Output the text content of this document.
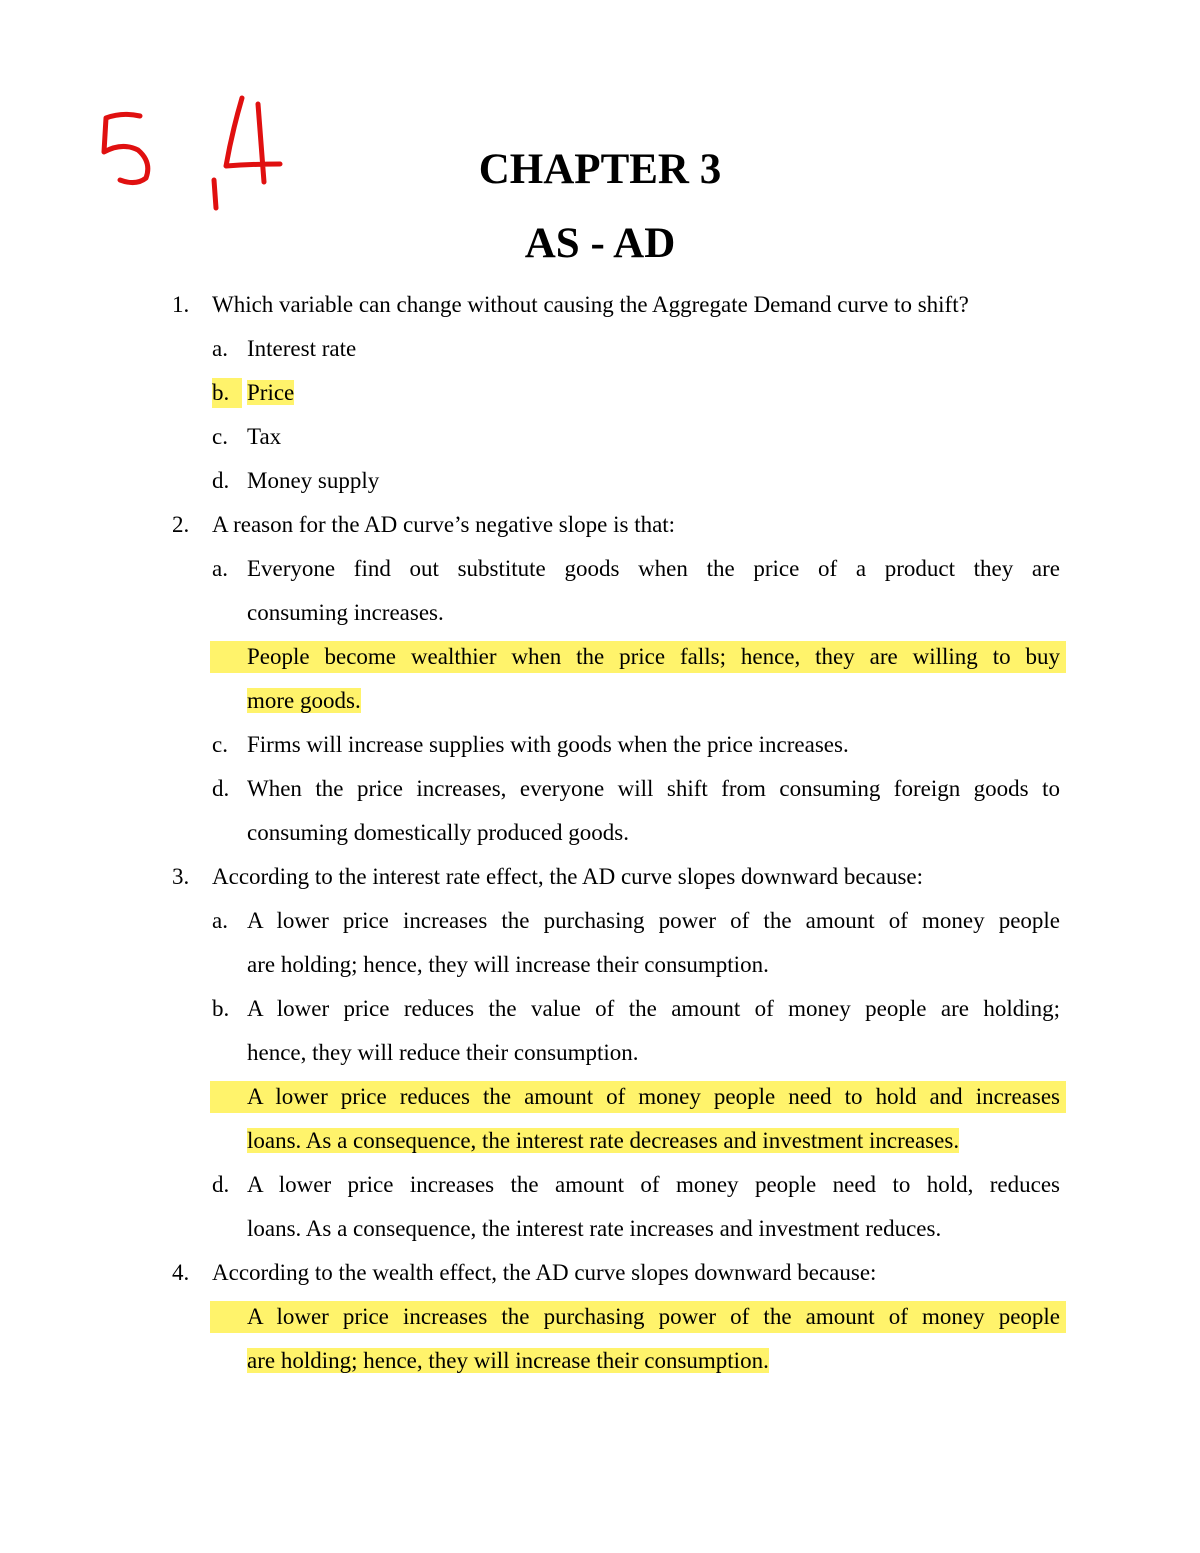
CHAPTER 3
AS - AD
1. Which variable can change without causing the Aggregate Demand curve to shift?
a. Interest rate
b. Price
c. Tax
d. Money supply
2. A reason for the AD curve’s negative slope is that:
a. Everyone find out substitute goods when the price of a product they are
consuming increases.
People become wealthier when the price falls; hence, they are willing to buy
more goods.
c. Firms will increase supplies with goods when the price increases.
d. When the price increases, everyone will shift from consuming foreign goods to
consuming domestically produced goods.
3. According to the interest rate effect, the AD curve slopes downward because:
a. A lower price increases the purchasing power of the amount of money people
are holding; hence, they will increase their consumption.
b. A lower price reduces the value of the amount of money people are holding;
hence, they will reduce their consumption.
A lower price reduces the amount of money people need to hold and increases
loans. As a consequence, the interest rate decreases and investment increases.
d. A lower price increases the amount of money people need to hold, reduces
loans. As a consequence, the interest rate increases and investment reduces.
4. According to the wealth effect, the AD curve slopes downward because:
A lower price increases the purchasing power of the amount of money people
are holding; hence, they will increase their consumption.
